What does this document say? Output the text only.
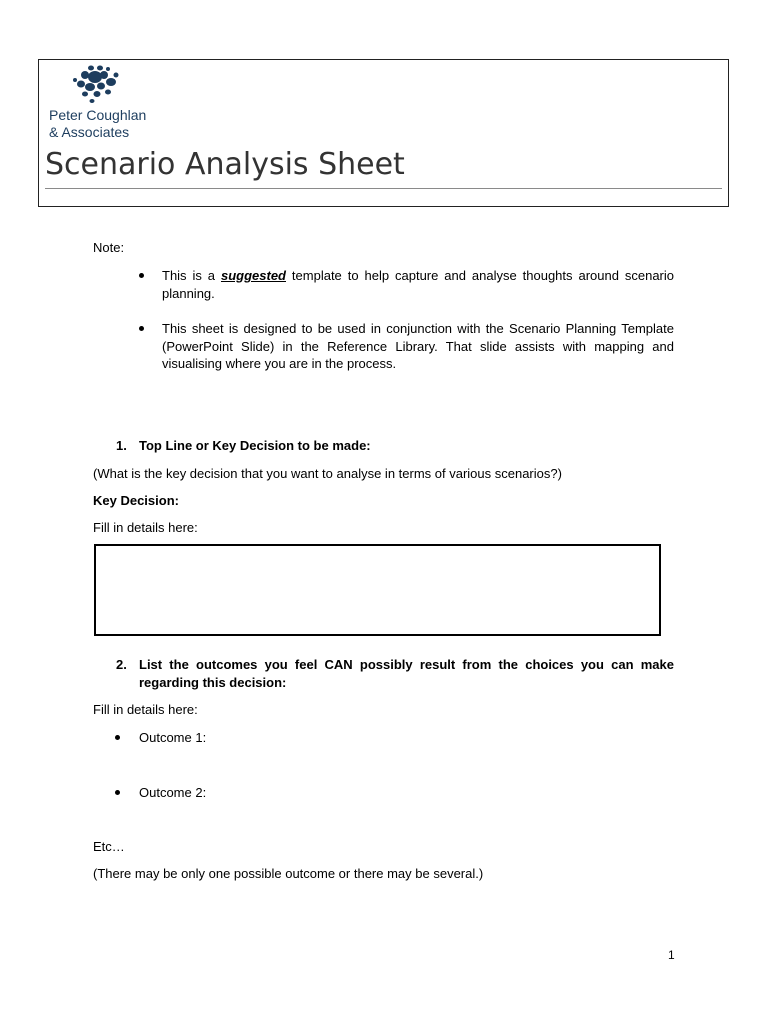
Peter Coughlan
& Associates
Scenario Analysis Sheet
Note:
This is a suggested template to help capture and analyse thoughts around scenario planning.
This sheet is designed to be used in conjunction with the Scenario Planning Template (PowerPoint Slide) in the Reference Library. That slide assists with mapping and visualising where you are in the process.
1. Top Line or Key Decision to be made:
(What is the key decision that you want to analyse in terms of various scenarios?)
Key Decision:
Fill in details here:
2. List the outcomes you feel CAN possibly result from the choices you can make regarding this decision:
Fill in details here:
Outcome 1:
Outcome 2:
Etc…
(There may be only one possible outcome or there may be several.)
1
